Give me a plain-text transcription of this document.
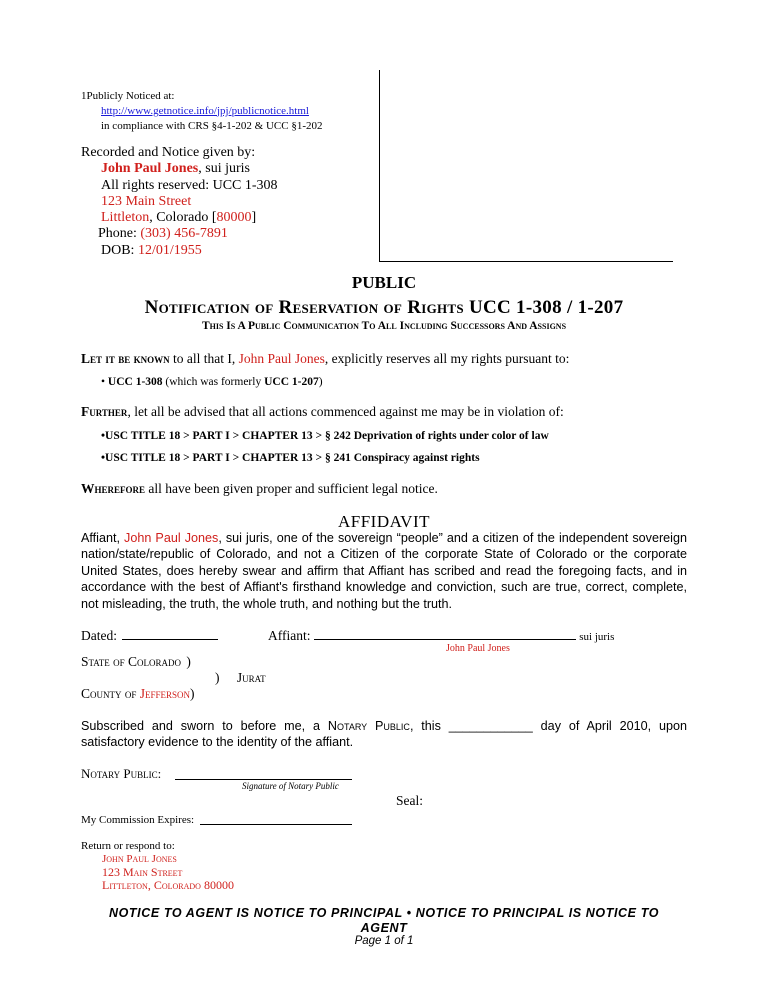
1Publicly Noticed at:
http://www.getnotice.info/jpj/publicnotice.html
in compliance with CRS §4-1-202 & UCC §1-202
Recorded and Notice given by:
John Paul Jones, sui juris
All rights reserved: UCC 1-308
123 Main Street
Littleton, Colorado [80000]
Phone: (303) 456-7891
DOB: 12/01/1955
PUBLIC
Notification of Reservation of Rights UCC 1-308 / 1-207
This Is A Public Communication To All Including Successors And Assigns
Let it be known to all that I, John Paul Jones, explicitly reserves all my rights pursuant to:
• UCC 1-308 (which was formerly UCC 1-207)
Further, let all be advised that all actions commenced against me may be in violation of:
•USC TITLE 18 > PART I > CHAPTER 13 > § 242 Deprivation of rights under color of law
•USC TITLE 18 > PART I > CHAPTER 13 > § 241 Conspiracy against rights
Wherefore all have been given proper and sufficient legal notice.
AFFIDAVIT
Affiant, John Paul Jones, sui juris, one of the sovereign “people” and a citizen of the independent sovereign nation/state/republic of Colorado, and not a Citizen of the corporate State of Colorado or the corporate United States, does hereby swear and affirm that Affiant has scribed and read the foregoing facts, and in accordance with the best of Affiant's firsthand knowledge and conviction, such are true, correct, complete, not misleading, the truth, the whole truth, and nothing but the truth.
Dated:	Affiant:	sui juris
John Paul Jones
State of Colorado )
) Jurat
County of Jefferson)
Subscribed and sworn to before me, a Notary Public, this ____________ day of April 2010, upon satisfactory evidence to the identity of the affiant.
Notary Public:
Signature of Notary Public
Seal:
My Commission Expires:
Return or respond to:
John Paul Jones
123 Main Street
Littleton, Colorado 80000
NOTICE TO AGENT IS NOTICE TO PRINCIPAL • NOTICE TO PRINCIPAL IS NOTICE TO AGENT
Page 1 of 1
